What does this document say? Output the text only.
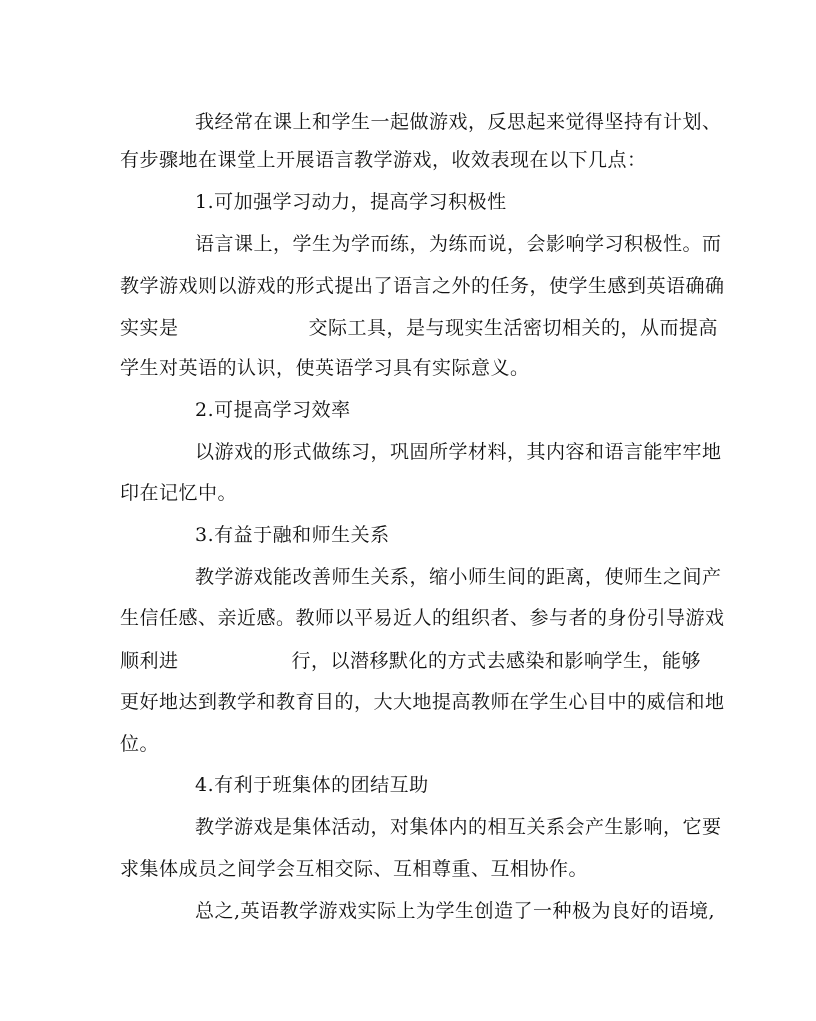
我经常在课上和学生一起做游戏，反思起来觉得坚持有计划、
有步骤地在课堂上开展语言教学游戏，收效表现在以下几点：
1.可加强学习动力，提高学习积极性
语言课上，学生为学而练，为练而说，会影响学习积极性。而
教学游戏则以游戏的形式提出了语言之外的任务，使学生感到英语确确
实实是	交际工具，是与现实生活密切相关的，从而提高
学生对英语的认识，使英语学习具有实际意义。
2.可提高学习效率
以游戏的形式做练习，巩固所学材料，其内容和语言能牢牢地
印在记忆中。
3.有益于融和师生关系
教学游戏能改善师生关系，缩小师生间的距离，使师生之间产
生信任感、亲近感。教师以平易近人的组织者、参与者的身份引导游戏
顺利进	行，以潜移默化的方式去感染和影响学生，能够
更好地达到教学和教育目的，大大地提高教师在学生心目中的威信和地
位。
4.有利于班集体的团结互助
教学游戏是集体活动，对集体内的相互关系会产生影响，它要
求集体成员之间学会互相交际、互相尊重、互相协作。
总之,英语教学游戏实际上为学生创造了一种极为良好的语境,
